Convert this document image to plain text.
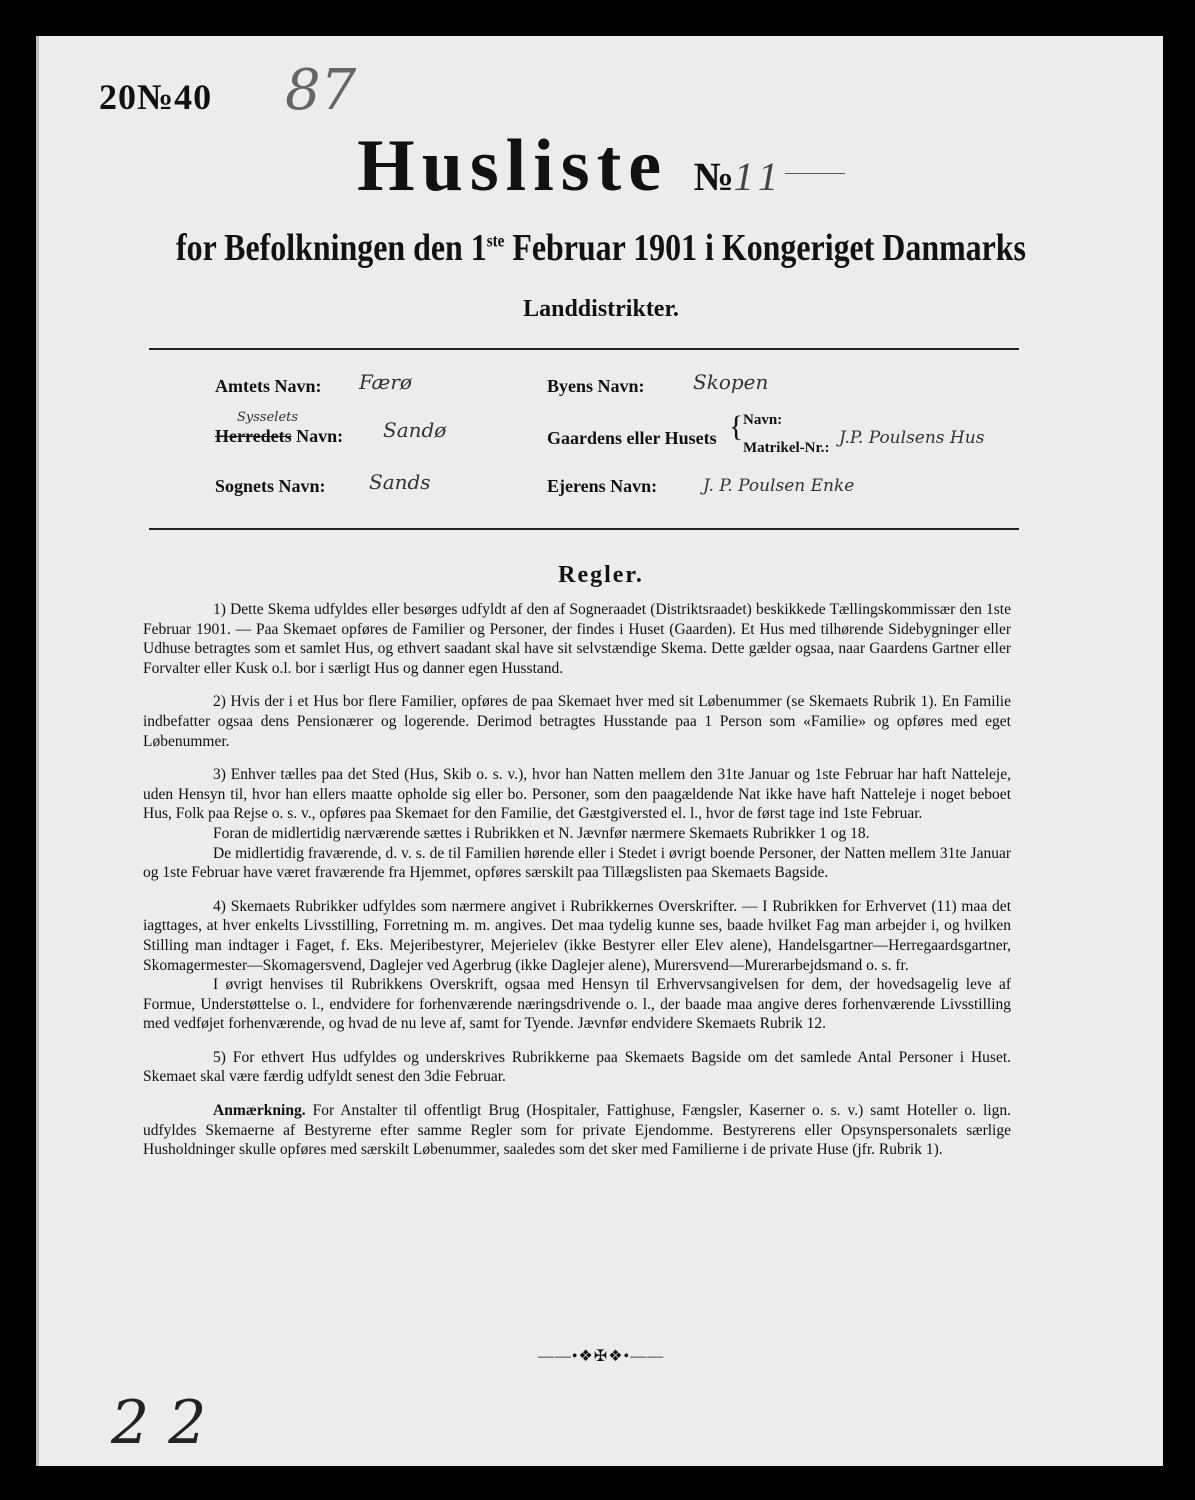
20№40 87
Husliste №11
for Befolkningen den 1ste Februar 1901 i Kongeriget Danmarks
Landdistrikter.
Amtets Navn: Færø
Sysselets
Herredets Navn: Sandø
Sognets Navn: Sands
Byens Navn: Skopen
Gaardens eller Husets { Navn:
Matrikel-Nr.: J.P. Poulsens Hus
Ejerens Navn:	J. P. Poulsen Enke
Regler.

1) Dette Skema udfyldes eller besørges udfyldt af den af Sogneraadet (Distriktsraadet) beskikkede Tællingskommissær den 1ste Februar 1901. — Paa Skemaet opføres de Familier og Personer, der findes i Huset (Gaarden). Et Hus med tilhørende Sidebygninger eller Udhuse betragtes som et samlet Hus, og ethvert saadant skal have sit selvstændige Skema. Dette gælder ogsaa, naar Gaardens Gartner eller Forvalter eller Kusk o.l. bor i særligt Hus og danner egen Husstand.

2) Hvis der i et Hus bor flere Familier, opføres de paa Skemaet hver med sit Løbenummer (se Skemaets Rubrik 1). En Familie indbefatter ogsaa dens Pensionærer og logerende. Derimod betragtes Husstande paa 1 Person som «Familie» og opføres med eget Løbenummer.

3) Enhver tælles paa det Sted (Hus, Skib o. s. v.), hvor han Natten mellem den 31te Januar og 1ste Februar har haft Natteleje, uden Hensyn til, hvor han ellers maatte opholde sig eller bo. Personer, som den paagældende Nat ikke have haft Natteleje i noget beboet Hus, Folk paa Rejse o. s. v., opføres paa Skemaet for den Familie, det Gæstgiversted el. l., hvor de først tage ind 1ste Februar.

Foran de midlertidig nærværende sættes i Rubrikken et N. Jævnfør nærmere Skemaets Rubrikker 1 og 18.

De midlertidig fraværende, d. v. s. de til Familien hørende eller i Stedet i øvrigt boende Personer, der Natten mellem 31te Januar og 1ste Februar have været fraværende fra Hjemmet, opføres særskilt paa Tillægslisten paa Skemaets Bagside.

4) Skemaets Rubrikker udfyldes som nærmere angivet i Rubrikkernes Overskrifter. — I Rubrikken for Erhvervet (11) maa det iagttages, at hver enkelts Livsstilling, Forretning m. m. angives. Det maa tydelig kunne ses, baade hvilket Fag man arbejder i, og hvilken Stilling man indtager i Faget, f. Eks. Mejeribestyrer, Mejerielev (ikke Bestyrer eller Elev alene), Handelsgartner—Herregaardsgartner, Skomagermester—Skomagersvend, Daglejer ved Agerbrug (ikke Daglejer alene), Murersvend—Murerarbejdsmand o. s. fr.

I øvrigt henvises til Rubrikkens Overskrift, ogsaa med Hensyn til Erhvervsangivelsen for dem, der hovedsagelig leve af Formue, Understøttelse o. l., endvidere for forhenværende næringsdrivende o. l., der baade maa angive deres forhenværende Livsstilling med vedføjet forhenværende, og hvad de nu leve af, samt for Tyende. Jævnfør endvidere Skemaets Rubrik 12.

5) For ethvert Hus udfyldes og underskrives Rubrikkerne paa Skemaets Bagside om det samlede Antal Personer i Huset. Skemaet skal være færdig udfyldt senest den 3die Februar.

Anmærkning. For Anstalter til offentligt Brug (Hospitaler, Fattighuse, Fængsler, Kaserner o. s. v.) samt Hoteller o. lign. udfyldes Skemaerne af Bestyrerne efter samme Regler som for private Ejendomme. Bestyrerens eller Opsynspersonalets særlige Husholdninger skulle opføres med særskilt Løbenummer, saaledes som det sker med Familierne i de private Huse (jfr. Rubrik 1).

——•❖✠❖•——
2 2
